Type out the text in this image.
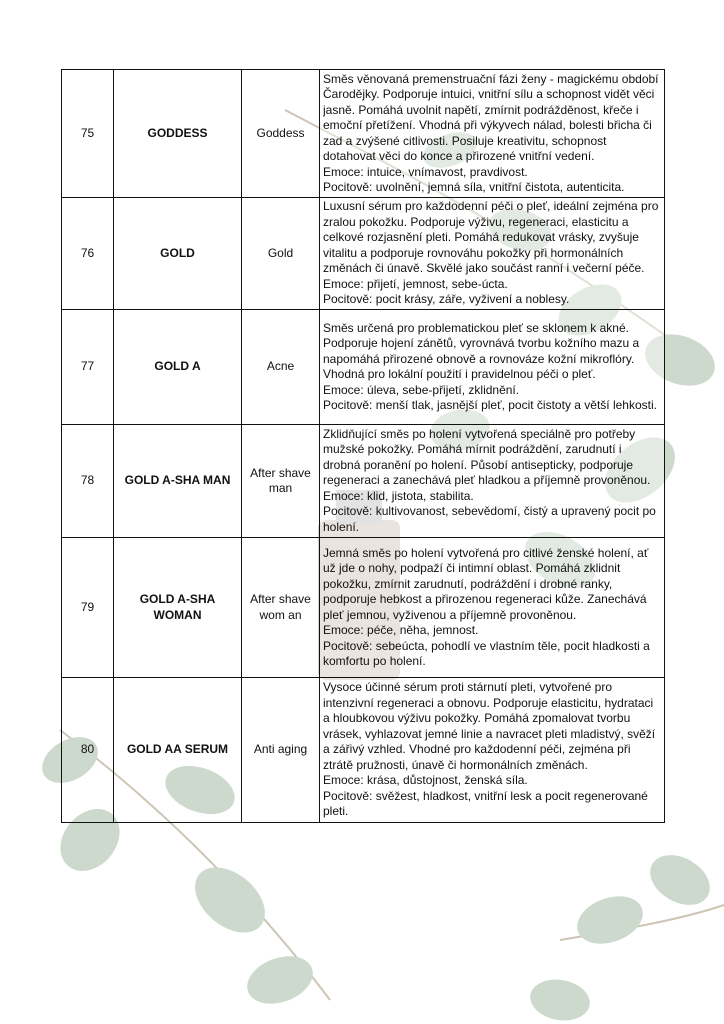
75	GODDESS	Goddess	Směs věnovaná premenstruační fázi ženy - magickému období Čarodějky. Podporuje intuici, vnitřní sílu a schopnost vidět věci jasně. Pomáhá uvolnit napětí, zmírnit podrážděnost, křeče i emoční přetížení. Vhodná při výkyvech nálad, bolesti břicha či zad a zvýšené citlivosti. Posiluje kreativitu, schopnost dotahovat věci do konce a přirozené vnitřní vedení.

Emoce: intuice, vnímavost, pravdivost.

Pocitově: uvolnění, jemná síla, vnitřní čistota, autenticita.

76	GOLD	Gold	Luxusní sérum pro každodenní péči o pleť, ideální zejména pro zralou pokožku. Podporuje výživu, regeneraci, elasticitu a celkové rozjasnění pleti. Pomáhá redukovat vrásky, zvyšuje vitalitu a podporuje rovnováhu pokožky při hormonálních změnách či únavě. Skvělé jako součást ranní i večerní péče.

Emoce: přijetí, jemnost, sebe-úcta.

Pocitově: pocit krásy, záře, vyživení a noblesy.

77	GOLD A	Acne	Směs určená pro problematickou pleť se sklonem k akné. Podporuje hojení zánětů, vyrovnává tvorbu kožního mazu a napomáhá přirozené obnově a rovnováze kožní mikroflóry. Vhodná pro lokální použití i pravidelnou péči o pleť.

Emoce: úleva, sebe-přijetí, zklidnění.

Pocitově: menší tlak, jasnější pleť, pocit čistoty a větší lehkosti.

78	GOLD A-SHA MAN	After shave man	Zklidňující směs po holení vytvořená speciálně pro potřeby mužské pokožky. Pomáhá mírnit podráždění, zarudnutí i drobná poranění po holení. Působí antisepticky, podporuje regeneraci a zanechává pleť hladkou a příjemně provoněnou.

Emoce: klid, jistota, stabilita.

Pocitově: kultivovanost, sebevědomí, čistý a upravený pocit po holení.

79	GOLD A-SHA WOMAN	After shave wom an	Jemná směs po holení vytvořená pro citlivé ženské holení, ať už jde o nohy, podpaží či intimní oblast. Pomáhá zklidnit pokožku, zmírnit zarudnutí, podráždění i drobné ranky, podporuje hebkost a přirozenou regeneraci kůže. Zanechává pleť jemnou, vyživenou a příjemně provoněnou.

Emoce: péče, něha, jemnost.

Pocitově: sebeúcta, pohodlí ve vlastním těle, pocit hladkosti a komfortu po holení.

80	GOLD AA SERUM	Anti aging	Vysoce účinné sérum proti stárnutí pleti, vytvořené pro intenzivní regeneraci a obnovu. Podporuje elasticitu, hydrataci a hloubkovou výživu pokožky. Pomáhá zpomalovat tvorbu vrásek, vyhlazovat jemné linie a navracet pleti mladistvý, svěží a zářivý vzhled. Vhodné pro každodenní péči, zejména při ztrátě pružnosti, únavě či hormonálních změnách.

Emoce: krása, důstojnost, ženská síla.

Pocitově: svěžest, hladkost, vnitřní lesk a pocit regenerované pleti.
